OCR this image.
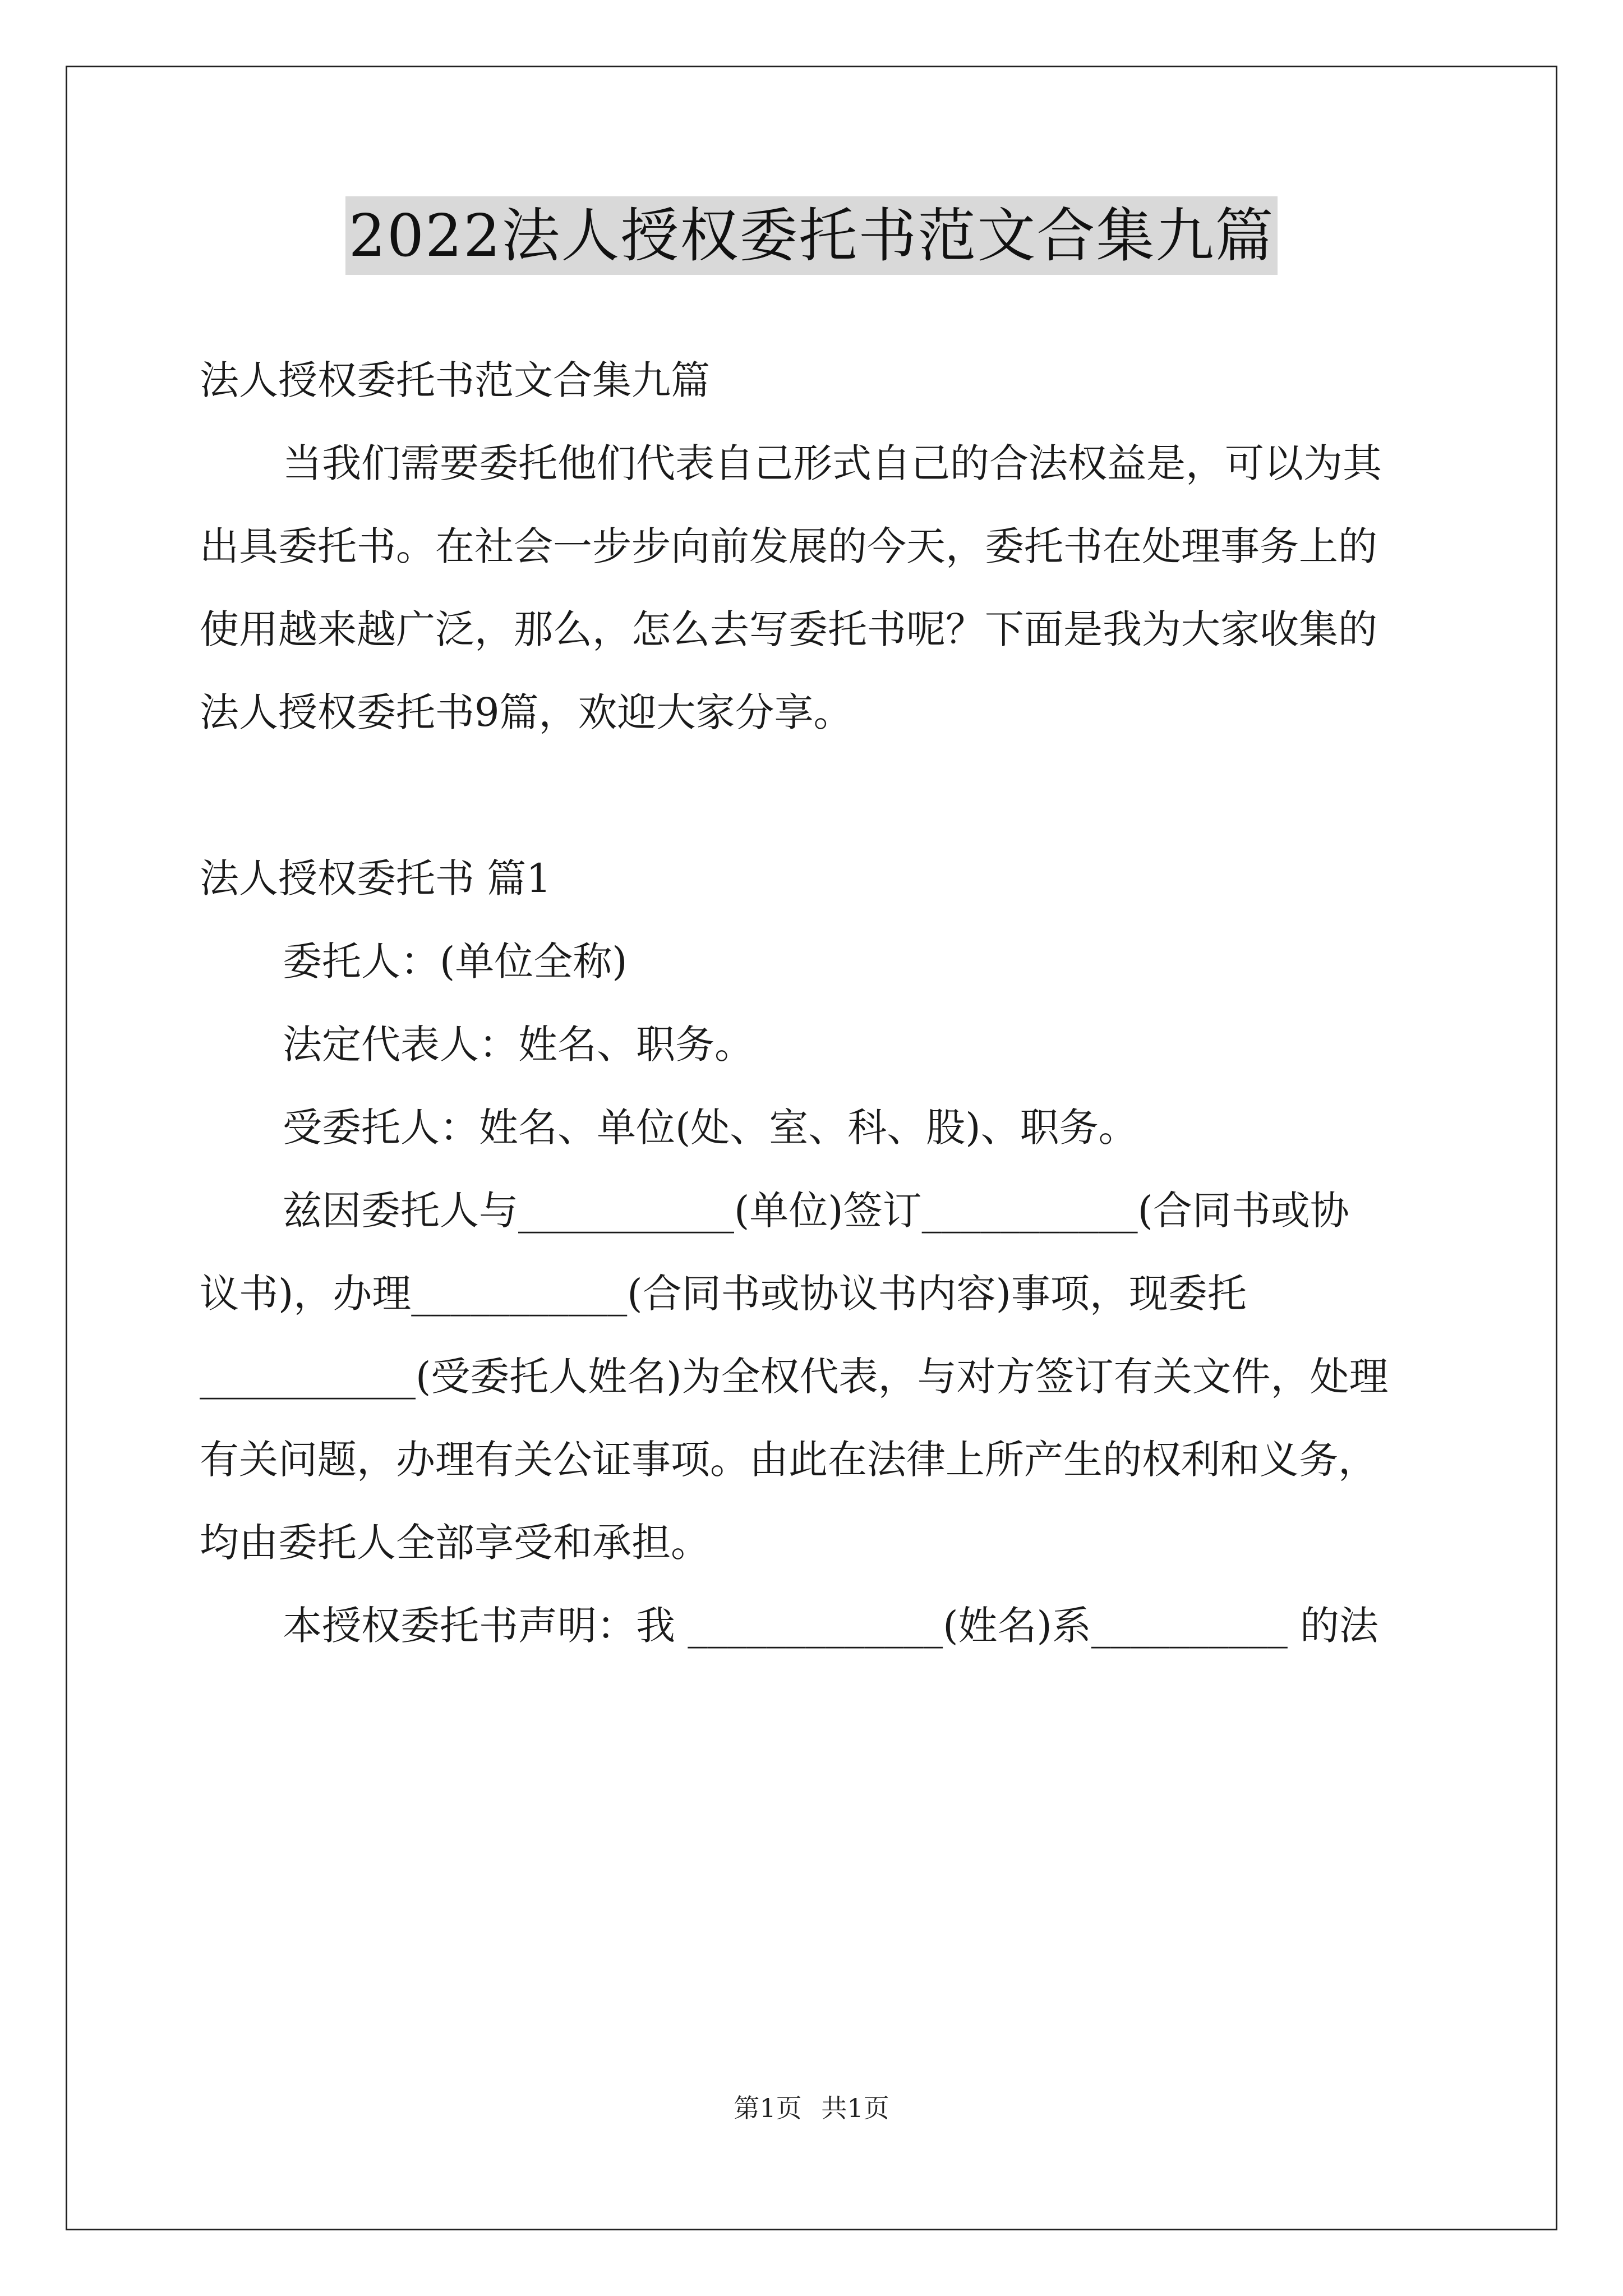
2022法人授权委托书范文合集九篇

法人授权委托书范文合集九篇

当我们需要委托他们代表自己形式自己的合法权益是，可以为其

出具委托书。在社会一步步向前发展的今天，委托书在处理事务上的

使用越来越广泛，那么，怎么去写委托书呢？下面是我为大家收集的

法人授权委托书9篇，欢迎大家分享。

法人授权委托书 篇1

委托人：(单位全称)

法定代表人：姓名、职务。

受委托人：姓名、单位(处、室、科、股)、职务。

兹因委托人与___________(单位)签订___________(合同书或协

议书)，办理___________(合同书或协议书内容)事项，现委托

___________(受委托人姓名)为全权代表，与对方签订有关文件，处理

有关问题，办理有关公证事项。由此在法律上所产生的权利和义务，

均由委托人全部享受和承担。

本授权委托书声明：我 _____________(姓名)系__________ 的法

第1页 共1页
